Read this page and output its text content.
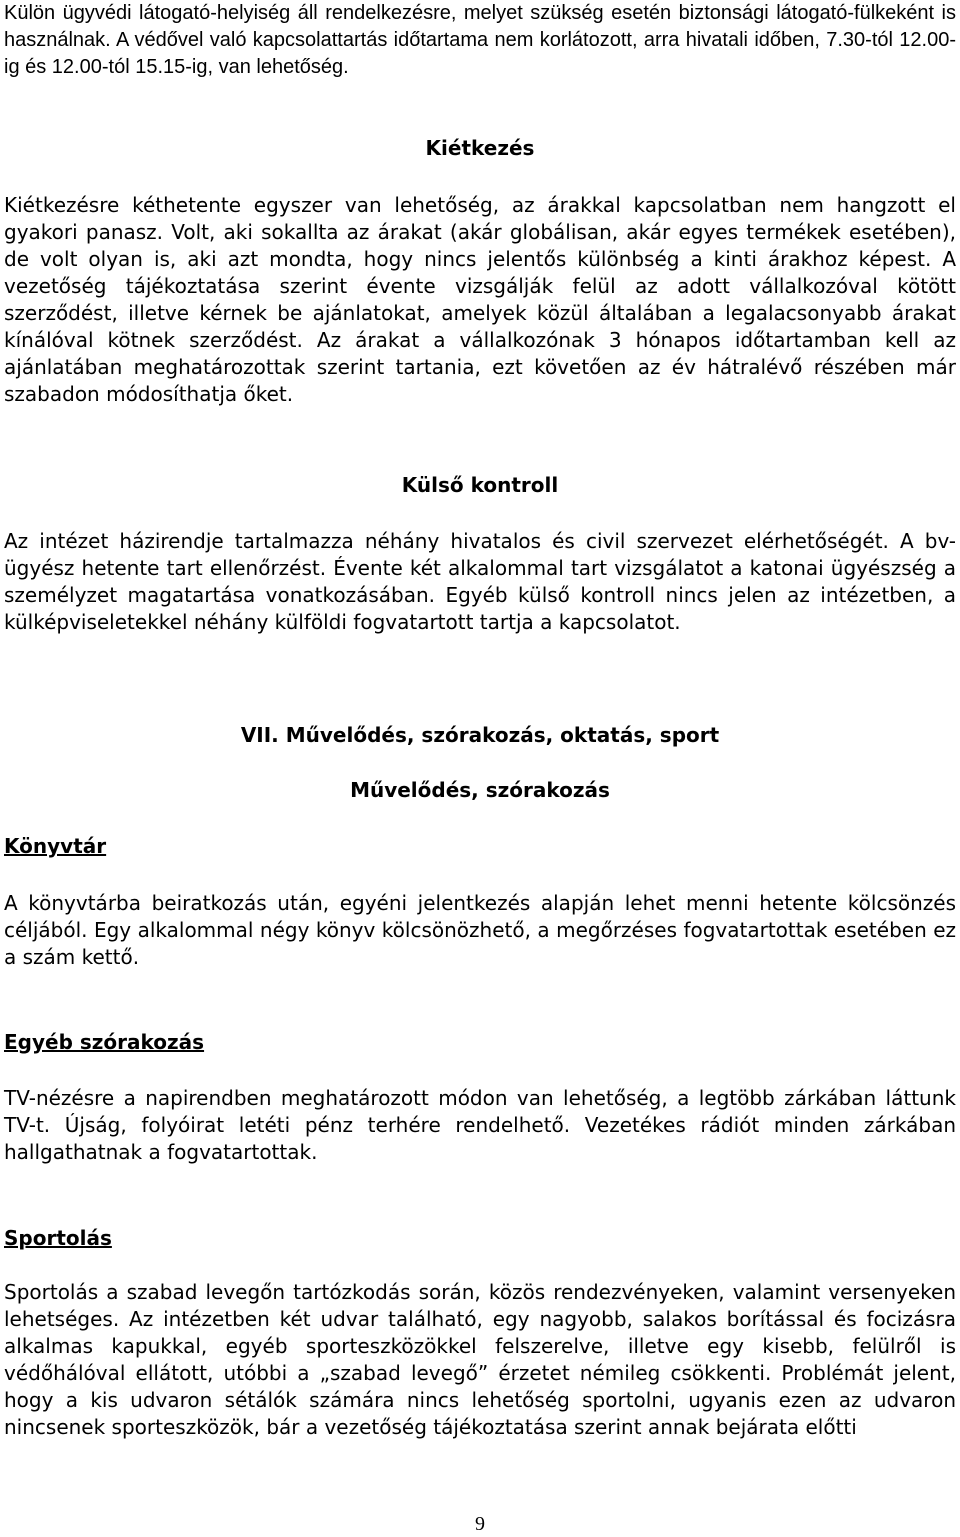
Külön ügyvédi látogató-helyiség áll rendelkezésre, melyet szükség esetén biztonsági látogató-fülkeként is használnak. A védővel való kapcsolattartás időtartama nem korlátozott, arra hivatali időben, 7.30-tól 12.00-ig és 12.00-tól 15.15-ig, van lehetőség.

Kiétkezés

Kiétkezésre kéthetente egyszer van lehetőség, az árakkal kapcsolatban nem hangzott el gyakori panasz. Volt, aki sokallta az árakat (akár globálisan, akár egyes termékek esetében), de volt olyan is, aki azt mondta, hogy nincs jelentős különbség a kinti árakhoz képest. A vezetőség tájékoztatása szerint évente vizsgálják felül az adott vállalkozóval kötött szerződést, illetve kérnek be ajánlatokat, amelyek közül általában a legalacsonyabb árakat kínálóval kötnek szerződést. Az árakat a vállalkozónak 3 hónapos időtartamban kell az ajánlatában meghatározottak szerint tartania, ezt követően az év hátralévő részében már szabadon módosíthatja őket.

Külső kontroll

Az intézet házirendje tartalmazza néhány hivatalos és civil szervezet elérhetőségét. A bv-ügyész hetente tart ellenőrzést. Évente két alkalommal tart vizsgálatot a katonai ügyészség a személyzet magatartása vonatkozásában. Egyéb külső kontroll nincs jelen az intézetben, a külképviseletekkel néhány külföldi fogvatartott tartja a kapcsolatot.

VII. Művelődés, szórakozás, oktatás, sport
Művelődés, szórakozás
Könyvtár

A könyvtárba beiratkozás után, egyéni jelentkezés alapján lehet menni hetente kölcsönzés céljából. Egy alkalommal négy könyv kölcsönözhető, a megőrzéses fogvatartottak esetében ez a szám kettő.

Egyéb szórakozás

TV-nézésre a napirendben meghatározott módon van lehetőség, a legtöbb zárkában láttunk TV-t. Újság, folyóirat letéti pénz terhére rendelhető. Vezetékes rádiót minden zárkában hallgathatnak a fogvatartottak.

Sportolás

Sportolás a szabad levegőn tartózkodás során, közös rendezvényeken, valamint versenyeken lehetséges. Az intézetben két udvar található, egy nagyobb, salakos borítással és focizásra alkalmas kapukkal, egyéb sporteszközökkel felszerelve, illetve egy kisebb, felülről is védőhálóval ellátott, utóbbi a „szabad levegő” érzetet némileg csökkenti. Problémát jelent, hogy a kis udvaron sétálók számára nincs lehetőség sportolni, ugyanis ezen az udvaron nincsenek sporteszközök, bár a vezetőség tájékoztatása szerint annak bejárata előtti

9
